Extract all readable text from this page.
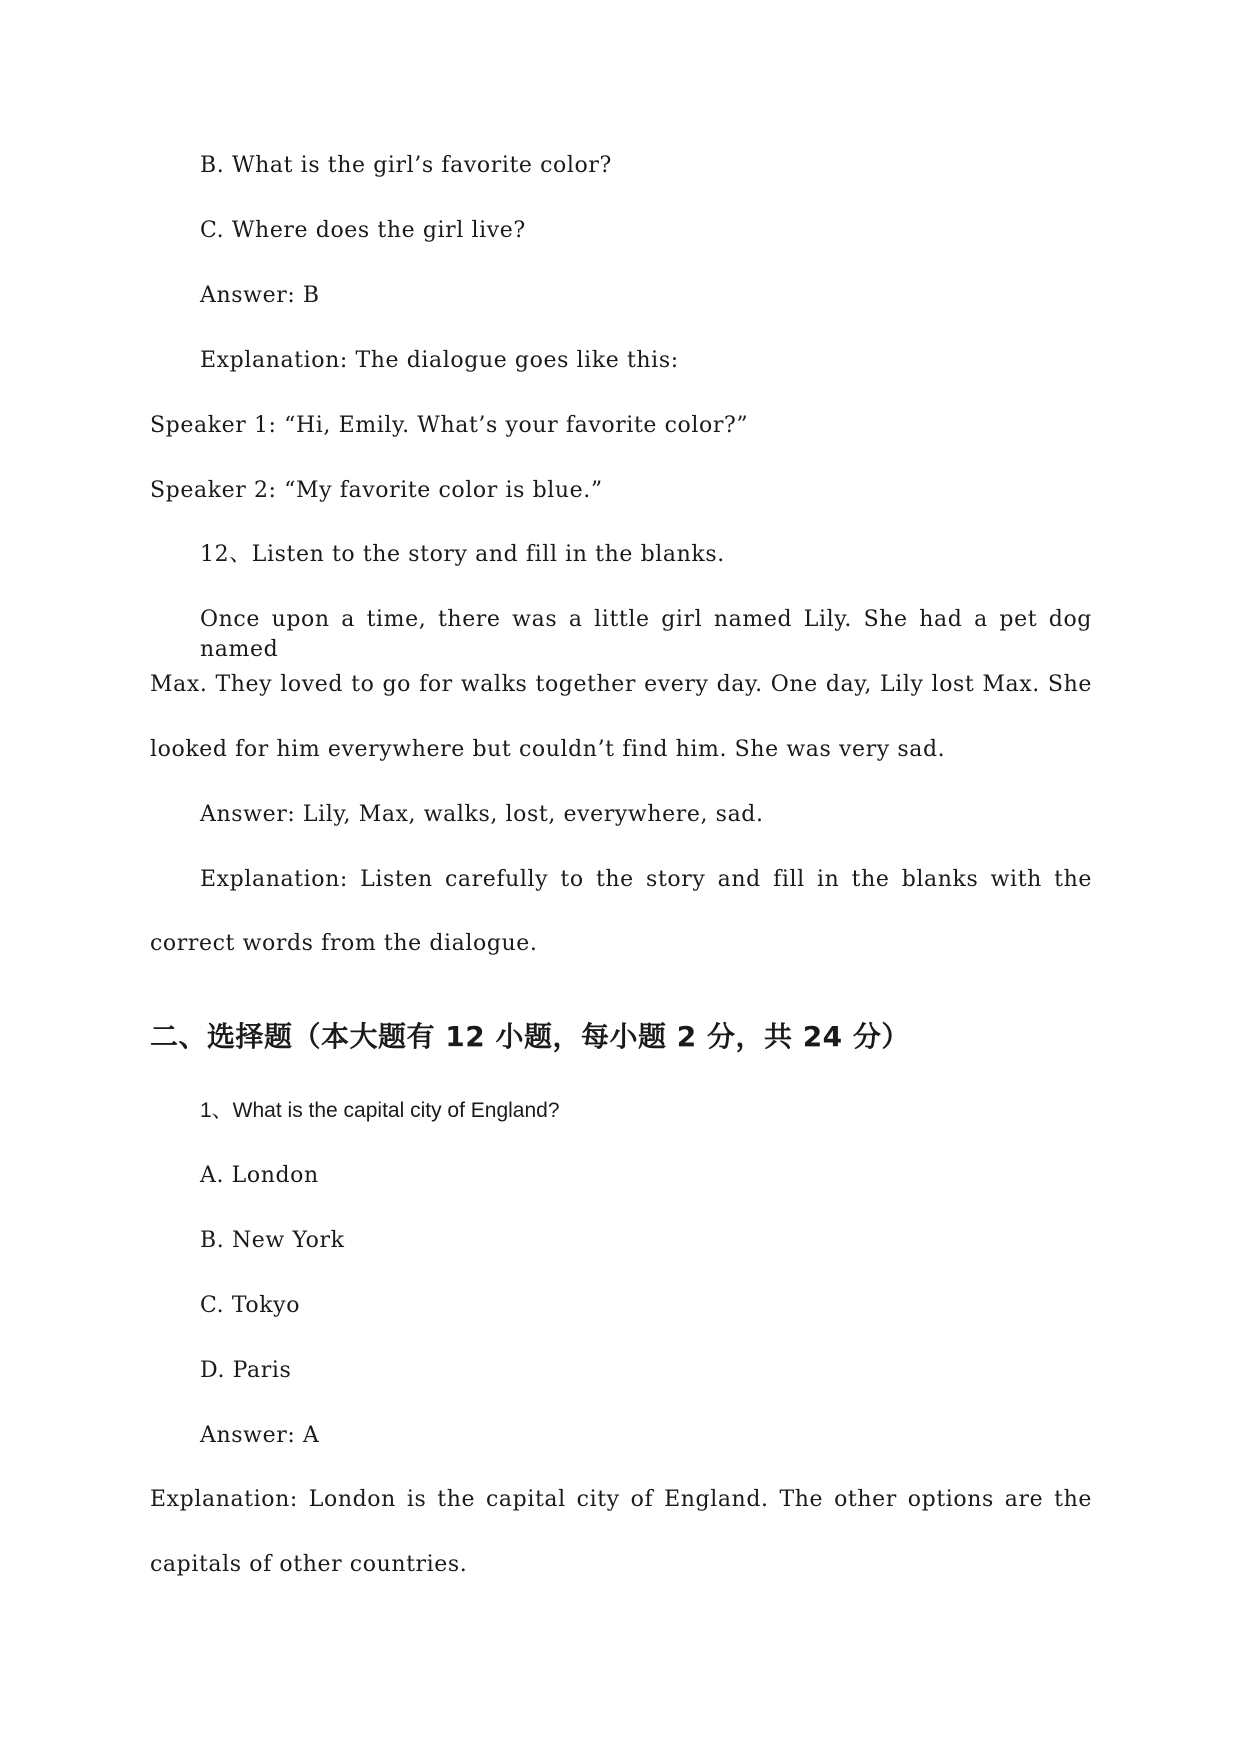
B. What is the girl’s favorite color?
C. Where does the girl live?
Answer: B
Explanation: The dialogue goes like this:
Speaker 1: “Hi, Emily. What’s your favorite color?”
Speaker 2: “My favorite color is blue.”
12、Listen to the story and fill in the blanks.
Once upon a time, there was a little girl named Lily. She had a pet dog named
Max. They loved to go for walks together every day. One day, Lily lost Max. She
looked for him everywhere but couldn’t find him. She was very sad.
Answer: Lily, Max, walks, lost, everywhere, sad.
Explanation: Listen carefully to the story and fill in the blanks with the
correct words from the dialogue.
二、选择题（本大题有 12 小题，每小题 2 分，共 24 分）
1、What is the capital city of England?
A. London
B. New York
C. Tokyo
D. Paris
Answer: A
Explanation: London is the capital city of England. The other options are the
capitals of other countries.
